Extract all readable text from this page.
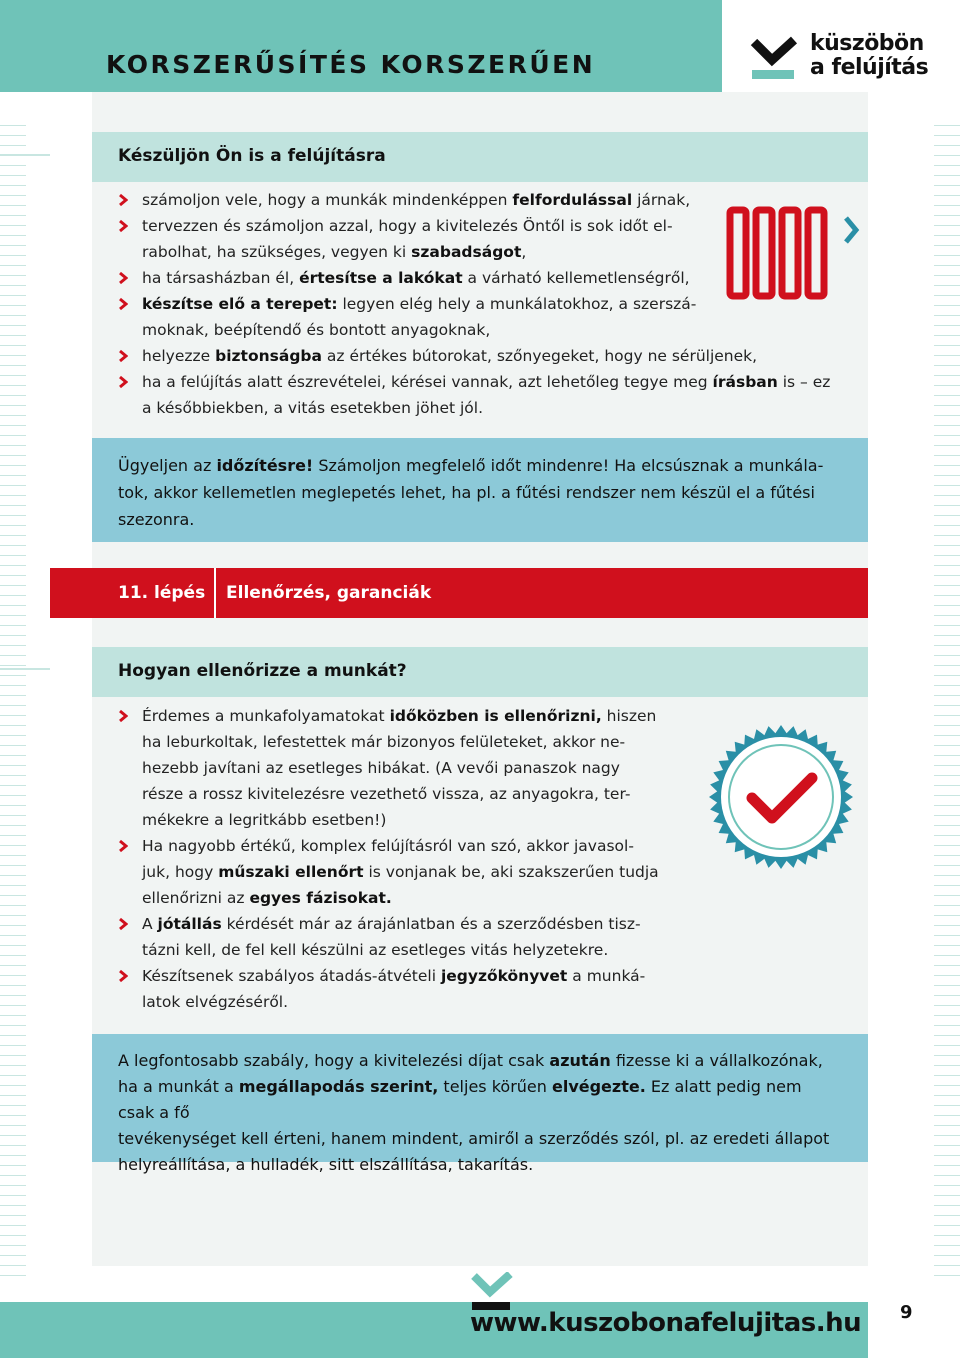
KORSZERŰSÍTÉS KORSZERŰEN
küszöbön
a felújítás
Készüljön Ön is a felújításra
számoljon vele, hogy a munkák mindenképpen felfordulással járnak,
tervezzen és számoljon azzal, hogy a kivitelezés Öntől is sok időt el-
rabolhat, ha szükséges, vegyen ki szabadságot,
ha társasházban él, értesítse a lakókat a várható kellemetlenségről,
készítse elő a terepet: legyen elég hely a munkálatokhoz, a szerszá-
moknak, beépítendő és bontott anyagoknak,
helyezze biztonságba az értékes bútorokat, szőnyegeket, hogy ne sérüljenek,
ha a felújítás alatt észrevételei, kérései vannak, azt lehetőleg tegye meg írásban is – ez
a későbbiekben, a vitás esetekben jöhet jól.
Ügyeljen az időzítésre! Számoljon megfelelő időt mindenre! Ha elcsúsznak a munkála-
tok, akkor kellemetlen meglepetés lehet, ha pl. a fűtési rendszer nem készül el a fűtési
szezonra.
11. lépés Ellenőrzés, garanciák
Hogyan ellenőrizze a munkát?
Érdemes a munkafolyamatokat időközben is ellenőrizni, hiszen
ha leburkoltak, lefestettek már bizonyos felületeket, akkor ne-
hezebb javítani az esetleges hibákat. (A vevői panaszok nagy
része a rossz kivitelezésre vezethető vissza, az anyagokra, ter-
mékekre a legritkább esetben!)
Ha nagyobb értékű, komplex felújításról van szó, akkor javasol-
juk, hogy műszaki ellenőrt is vonjanak be, aki szakszerűen tudja
ellenőrizni az egyes fázisokat.
A jótállás kérdését már az árajánlatban és a szerződésben tisz-
tázni kell, de fel kell készülni az esetleges vitás helyzetekre.
Készítsenek szabályos átadás-átvételi jegyzőkönyvet a munká-
latok elvégzéséről.
A legfontosabb szabály, hogy a kivitelezési díjat csak azután fizesse ki a vállalkozónak,
ha a munkát a megállapodás szerint, teljes körűen elvégezte. Ez alatt pedig nem csak a fő
tevékenységet kell érteni, hanem mindent, amiről a szerződés szól, pl. az eredeti állapot
helyreállítása, a hulladék, sitt elszállítása, takarítás.
www.kuszobonafelujitas.hu 9
